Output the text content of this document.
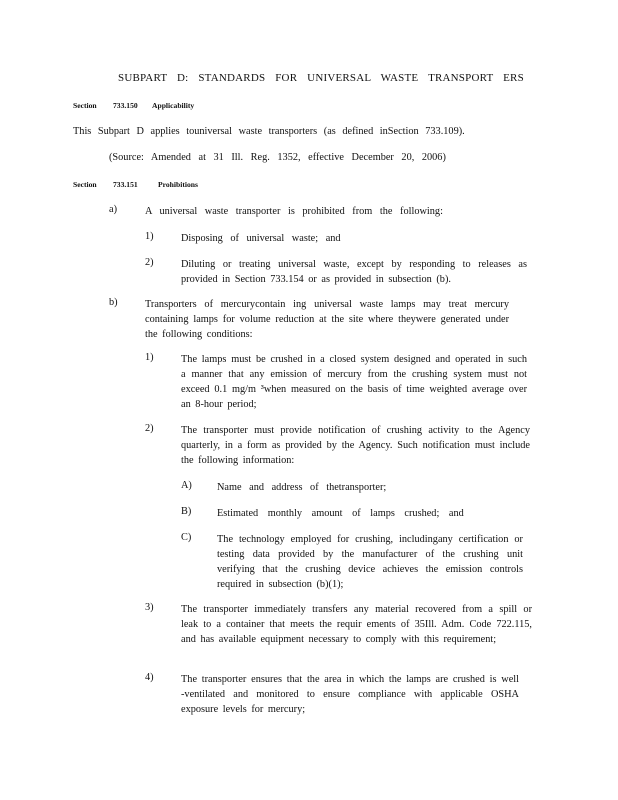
SUBPART D: STANDARDS FOR UNIVERSAL WASTE TRANSPORT ERS
Section 733.150 Applicability

This Subpart D applies touniversal waste transporters (as defined inSection 733.109).

(Source: Amended at 31 Ill. Reg. 1352, effective December 20, 2006)

Section 733.151	Prohibitions
a)	A universal waste transporter is prohibited from the following:

1)	Disposing of universal waste; and

2)	Diluting or treating universal waste, except by responding to releases as provided in Section 733.154 or as provided in subsection (b).

b)	Transporters of mercurycontain ing universal waste lamps may treat mercury containing lamps for volume reduction at the site where theywere generated under the following conditions:

1)	The lamps must be crushed in a closed system designed and operated in such a manner that any emission of mercury from the crushing system must not exceed 0.1 mg/m ³when measured on the basis of time weighted average over an 8-hour period;

2)	The transporter must provide notification of crushing activity to the Agency quarterly, in a form as provided by the Agency. Such notification must include the following information:

A) Name and address of thetransporter;

B) Estimated monthly amount of lamps crushed; and

C) The technology employed for crushing, includingany certification or testing data provided by the manufacturer of the crushing unit verifying that the crushing device achieves the emission controls required in subsection (b)(1);

3)	The transporter immediately transfers any material recovered from a spill or leak to a container that meets the requir ements of 35Ill. Adm. Code 722.115, and has available equipment necessary to comply with this requirement;

4)	The transporter ensures that the area in which the lamps are crushed is well -ventilated and monitored to ensure compliance with applicable OSHA exposure levels for mercury;
